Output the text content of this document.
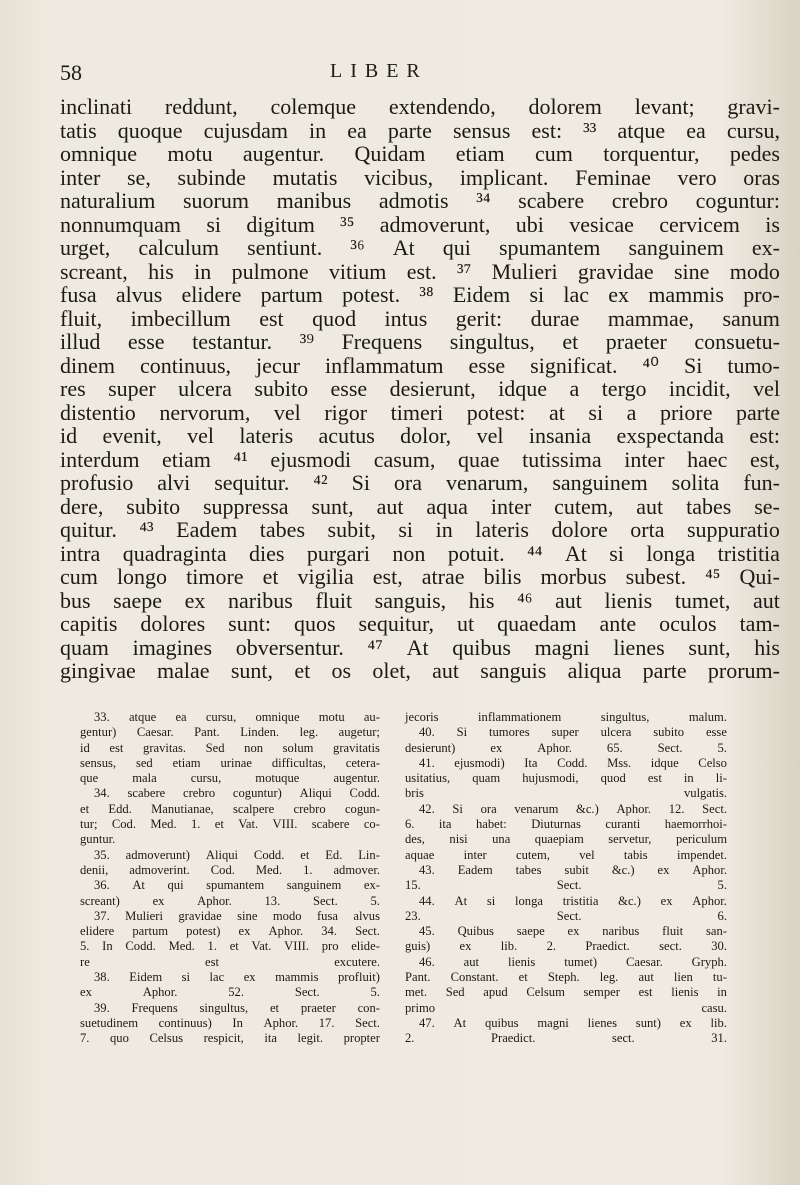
58	LIBER
inclinati reddunt, colemque extendendo, dolorem levant; gravi-
tatis quoque cujusdam in ea parte sensus est: ³³ atque ea cursu,
omnique motu augentur. Quidam etiam cum torquentur, pedes
inter se, subinde mutatis vicibus, implicant. Feminae vero oras
naturalium suorum manibus admotis ³⁴ scabere crebro coguntur:
nonnumquam si digitum ³⁵ admoverunt, ubi vesicae cervicem is
urget, calculum sentiunt. ³⁶ At qui spumantem sanguinem ex-
screant, his in pulmone vitium est. ³⁷ Mulieri gravidae sine modo
fusa alvus elidere partum potest. ³⁸ Eidem si lac ex mammis pro-
fluit, imbecillum est quod intus gerit: durae mammae, sanum
illud esse testantur. ³⁹ Frequens singultus, et praeter consuetu-
dinem continuus, jecur inflammatum esse significat. ⁴⁰ Si tumo-
res super ulcera subito esse desierunt, idque a tergo incidit, vel
distentio nervorum, vel rigor timeri potest: at si a priore parte
id evenit, vel lateris acutus dolor, vel insania exspectanda est:
interdum etiam ⁴¹ ejusmodi casum, quae tutissima inter haec est,
profusio alvi sequitur. ⁴² Si ora venarum, sanguinem solita fun-
dere, subito suppressa sunt, aut aqua inter cutem, aut tabes se-
quitur. ⁴³ Eadem tabes subit, si in lateris dolore orta suppuratio
intra quadraginta dies purgari non potuit. ⁴⁴ At si longa tristitia
cum longo timore et vigilia est, atrae bilis morbus subest. ⁴⁵ Qui-
bus saepe ex naribus fluit sanguis, his ⁴⁶ aut lienis tumet, aut
capitis dolores sunt: quos sequitur, ut quaedam ante oculos tam-
quam imagines obversentur. ⁴⁷ At quibus magni lienes sunt, his
gingivae malae sunt, et os olet, aut sanguis aliqua parte prorum-
33. atque ea cursu, omnique motu au-
gentur) Caesar. Pant. Linden. leg. augetur;
id est gravitas. Sed non solum gravitatis
sensus, sed etiam urinae difficultas, cetera-
que	mala	cursu,	motuque	augentur.
34. scabere crebro coguntur) Aliqui Codd.
et Edd. Manutianae, scalpere crebro cogun-
tur; Cod. Med. 1. et Vat. VIII. scabere co-
guntur.
35. admoverunt) Aliqui Codd. et Ed. Lin-
denii, admoverint. Cod. Med. 1. admover.
36. At qui spumantem sanguinem ex-
screant)	ex	Aphor.	13.	Sect.	5.
37. Mulieri gravidae sine modo fusa alvus
elidere partum potest) ex Aphor. 34. Sect.
5. In Codd. Med. 1. et Vat. VIII. pro elide-
re	est	excutere.
38. Eidem si lac ex mammis profluit)
ex	Aphor.	52.	Sect.	5.
39. Frequens singultus, et praeter con-
suetudinem continuus) In Aphor. 17. Sect.
7. quo Celsus respicit, ita legit. propter
jecoris	inflammationem	singultus,	malum.
40. Si tumores super ulcera subito esse
desierunt)	ex	Aphor.	65.	Sect.	5.
41. ejusmodi) Ita Codd. Mss. idque Celso
usitatius, quam hujusmodi, quod est in li-
bris	vulgatis.
42. Si ora venarum &c.) Aphor. 12. Sect.
6. ita habet: Diuturnas curanti haemorrhoi-
des, nisi una quaepiam servetur, periculum
aquae inter cutem, vel tabis impendet.
43. Eadem tabes subit &c.) ex Aphor.
15.	Sect.	5.
44. At si longa tristitia &c.) ex Aphor.
23.	Sect.	6.
45. Quibus saepe ex naribus fluit san-
guis) ex lib. 2. Praedict. sect. 30.
46. aut lienis tumet) Caesar. Gryph.
Pant. Constant. et Steph. leg. aut lien tu-
met. Sed apud Celsum semper est lienis in
primo	casu.
47. At quibus magni lienes sunt) ex lib.
2.	Praedict.	sect.	31.
